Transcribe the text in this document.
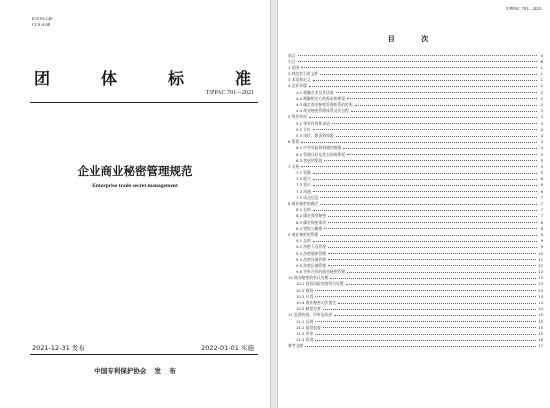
ICS 03.140
CCS A 00
团	体	标	准
T/PPAC 701—2021
企业商业秘密管理规范
Enterprise trade secret management
2021-12-31 发布	2022-01-01 实施
中国专利保护协会 发 布
T/PPAC 701—2021
目 次
前言	Ⅱ
引言	Ⅲ
1 范围	1
2 规范性引用文件	1
3 术语和定义	1
4 企业环境	2
4.1 理解企业及其环境	2
4.2 理解相关方的需求和期望	2
4.3 确定商业秘密管理体系的范围	2
4.4 商业秘密管理体系及其过程	3
5 领导作用	3
5.1 领导作用和承诺	3
5.2 方针	3
5.3 岗位、职责和权限	4
6 策划	4
6.1 应对风险和机遇的措施	4
6.2 管理目标及其实现的策划	5
6.3 变更的策划	5
7 支持	5
7.1 资源	5
7.2 能力	6
7.3 意识	6
7.4 沟通	6
7.5 成文信息	7
8 商业秘密的确定	7
8.1 总则	7
8.2 确定商业秘密	7
8.3 确定保密事项	8
8.4 密级与解密	8
9 商业秘密的管理	9
9.1 总则	9
9.2 涉密人员管理	9
9.3 涉密载体管理	10
9.4 涉密设备管理	11
9.5 涉密区域管理	12
9.6 对外合作的商业秘密管理	12
10 商业秘密的争议处理	13
10.1 侵权风险的查找与处置	13
10.2 维权	13
10.3 应诉	14
10.4 商业秘密司法鉴定	14
10.5 制度完善	14
11 监督检查、评审及改进	15
11.1 总则	15
11.2 监督检查	15
11.3 评审	15
11.4 改进	16
参考文献	17
